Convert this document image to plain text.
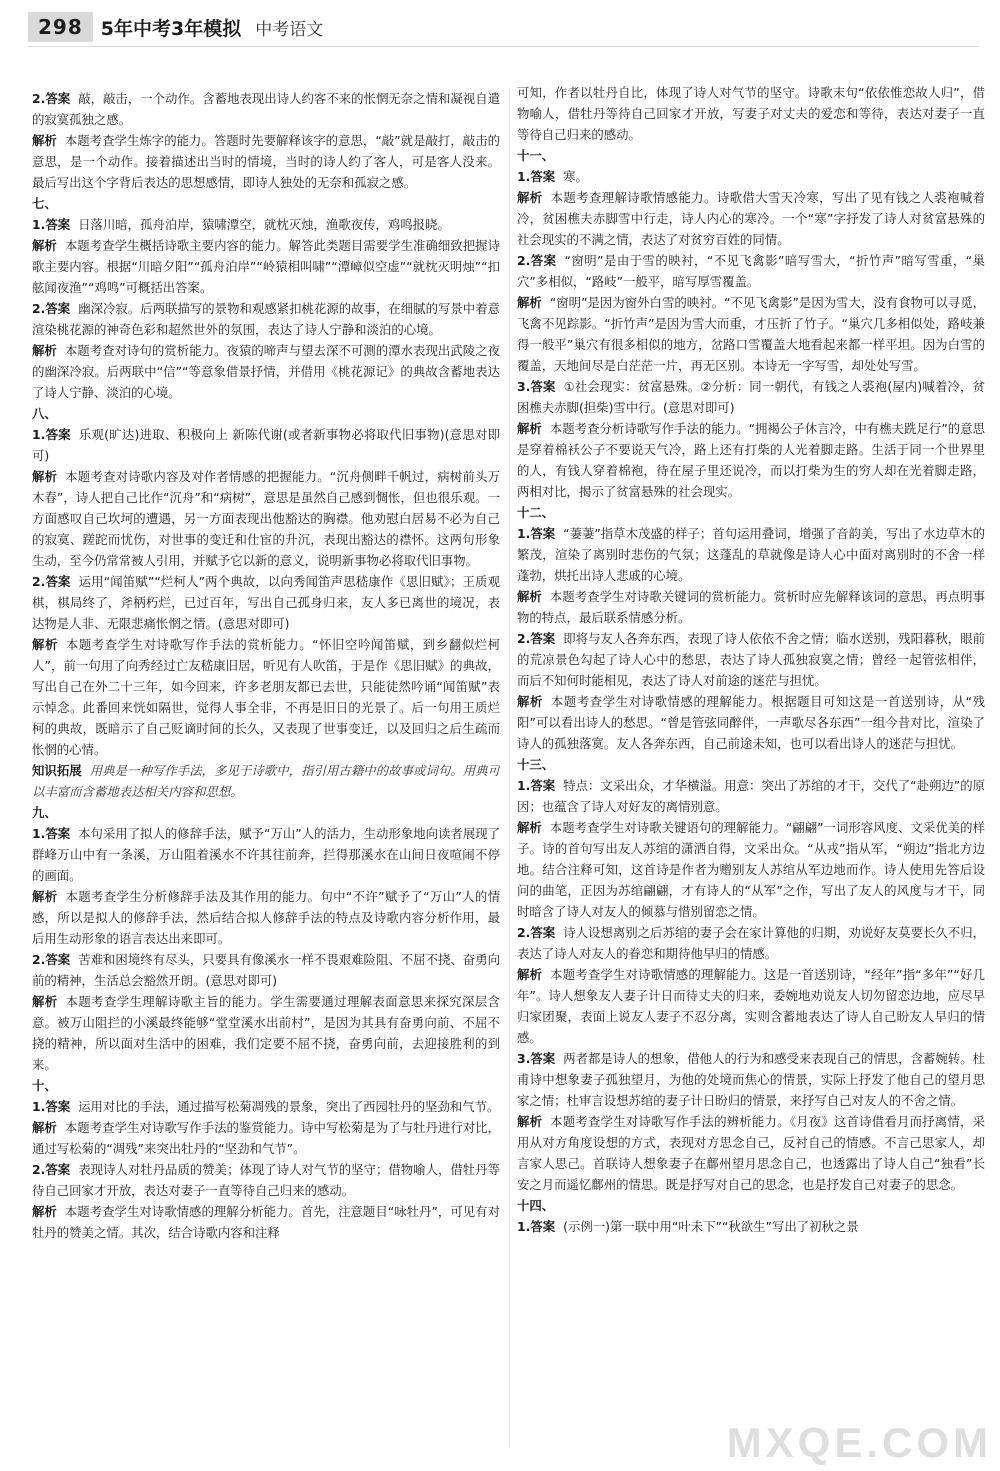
298 5年中考3年模拟 中考语文

2.答案 敲，敲击，一个动作。含蓄地表现出诗人约客不来的怅惘无奈之情和凝视自遣的寂寞孤独之感。

解析 本题考查学生炼字的能力。答题时先要解释该字的意思，“敲”就是敲打，敲击的意思，是一个动作。接着描述出当时的情境，当时的诗人约了客人，可是客人没来。最后写出这个字背后表达的思想感情，即诗人独处的无奈和孤寂之感。

七、

1.答案 日落川暗，孤舟泊岸，猿啸潭空，就枕灭烛，渔歌夜传，鸡鸣报晓。

解析 本题考查学生概括诗歌主要内容的能力。解答此类题目需要学生准确细致把握诗歌主要内容。根据“川暗夕阳”“孤舟泊岸”“岭猿相叫啸”“潭嶂似空虚”“就枕灭明烛”“扣舷闻夜渔”“鸡鸣”可概括出答案。

2.答案 幽深冷寂。后两联描写的景物和观感紧扣桃花源的故事，在细腻的写景中着意渲染桃花源的神奇色彩和超然世外的氛围，表达了诗人宁静和淡泊的心境。

解析 本题考查对诗句的赏析能力。夜猿的啼声与望去深不可测的潭水表现出武陵之夜的幽深冷寂。后两联中“信”“等意象借景抒情，并借用《桃花源记》的典故含蓄地表达了诗人宁静、淡泊的心境。

八、

1.答案 乐观(旷达)进取、积极向上 新陈代谢(或者新事物必将取代旧事物)(意思对即可)

解析 本题考查对诗歌内容及对作者情感的把握能力。“沉舟侧畔千帆过，病树前头万木春”，诗人把自己比作“沉舟”和“病树”，意思是虽然自己感到惆怅，但也很乐观。一方面感叹自己坎坷的遭遇，另一方面表现出他豁达的胸襟。他劝慰白居易不必为自己的寂寞、蹉跎而忧伤，对世事的变迁和仕宦的升沉，表现出豁达的襟怀。这两句形象生动，至今仍常常被人引用，并赋予它以新的意义，说明新事物必将取代旧事物。

2.答案 运用“闻笛赋”“烂柯人”两个典故，以向秀闻笛声思嵇康作《思旧赋》；王质观棋，棋局终了，斧柄朽烂，已过百年，写出自己孤身归来，友人多已离世的境况，表达物是人非、无限悲痛怅惘之情。(意思对即可)

解析 本题考查学生对诗歌写作手法的赏析能力。“怀旧空吟闻笛赋，到乡翻似烂柯人”，前一句用了向秀经过亡友嵇康旧居，听见有人吹笛，于是作《思旧赋》的典故，写出自己在外二十三年，如今回来，许多老朋友都已去世，只能徒然吟诵“闻笛赋”表示悼念。此番回来恍如隔世，觉得人事全非，不再是旧日的光景了。后一句用王质烂柯的典故，既暗示了自己贬谪时间的长久，又表现了世事变迁，以及回归之后生疏而怅惘的心情。

知识拓展 用典是一种写作手法，多见于诗歌中，指引用古籍中的故事或词句。用典可以丰富而含蓄地表达相关内容和思想。

九、

1.答案 本句采用了拟人的修辞手法，赋予“万山”人的活力，生动形象地向读者展现了群峰万山中有一条溪，万山阻着溪水不许其往前奔，拦得那溪水在山间日夜喧闹不停的画面。

解析 本题考查学生分析修辞手法及其作用的能力。句中“不许”赋予了“万山”人的情感，所以是拟人的修辞手法，然后结合拟人修辞手法的特点及诗歌内容分析作用，最后用生动形象的语言表达出来即可。

2.答案 苦难和困境终有尽头，只要具有像溪水一样不畏艰难险阻、不屈不挠、奋勇向前的精神，生活总会豁然开朗。(意思对即可)

解析 本题考查学生理解诗歌主旨的能力。学生需要通过理解表面意思来探究深层含意。被万山阻拦的小溪最终能够“堂堂溪水出前村”，是因为其具有奋勇向前、不屈不挠的精神，所以面对生活中的困难，我们定要不屈不挠，奋勇向前，去迎接胜利的到来。

十、

1.答案 运用对比的手法，通过描写松菊凋残的景象，突出了西园牡丹的坚劲和气节。

解析 本题考查学生对诗歌写作手法的鉴赏能力。诗中写松菊是为了与牡丹进行对比，通过写松菊的“凋残”来突出牡丹的“坚劲和气节”。

2.答案 表现诗人对牡丹品质的赞美；体现了诗人对气节的坚守；借物喻人，借牡丹等待自己回家才开放，表达对妻子一直等待自己归来的感动。

解析 本题考查学生对诗歌情感的理解分析能力。首先，注意题目“咏牡丹”，可见有对牡丹的赞美之情。其次，结合诗歌内容和注释

可知，作者以牡丹自比，体现了诗人对气节的坚守。诗歌末句“依依惟恋故人归”，借物喻人，借牡丹等待自己回家才开放，写妻子对丈夫的爱恋和等待，表达对妻子一直等待自己归来的感动。

十一、

1.答案 寒。

解析 本题考查理解诗歌情感能力。诗歌借大雪天冷寒，写出了见有钱之人裘袍喊着冷，贫困樵夫赤脚雪中行走，诗人内心的寒冷。一个“寒”字抒发了诗人对贫富悬殊的社会现实的不满之情，表达了对贫穷百姓的同情。

2.答案 “窗明”是由于雪的映衬，“不见飞禽影”暗写雪大，“折竹声”暗写雪重，“巢穴”多相似，“路岐”一般平，暗写厚雪覆盖。

解析 “窗明”是因为窗外白雪的映衬。“不见飞禽影”是因为雪大，没有食物可以寻觅，飞禽不见踪影。“折竹声”是因为雪大而重，才压折了竹子。“巢穴几多相似处，路岐兼得一般平”巢穴有很多相似的地方，岔路口雪覆盖大地看起来都一样平坦。因为白雪的覆盖，天地间尽是白茫茫一片，再无区别。本诗无一字写雪，却处处写雪。

3.答案 ①社会现实：贫富悬殊。②分析：同一朝代，有钱之人裘袍(屋内)喊着冷，贫困樵夫赤脚(担柴)雪中行。(意思对即可)

解析 本题考查分析诗歌写作手法的能力。“拥褐公子休言冷，中有樵夫跣足行”的意思是穿着棉袄公子不要说天气冷，路上还有打柴的人光着脚走路。生活于同一个世界里的人，有钱人穿着棉袍，待在屋子里还说冷，而以打柴为生的穷人却在光着脚走路，两相对比，揭示了贫富悬殊的社会现实。

十二、

1.答案 “萋萋”指草木茂盛的样子；首句运用叠词，增强了音韵美，写出了水边草木的繁茂，渲染了离别时悲伤的气氛；这蓬乱的草就像是诗人心中面对离别时的不舍一样蓬勃，烘托出诗人悲戚的心境。

解析 本题考查学生对诗歌关键词的赏析能力。赏析时应先解释该词的意思，再点明事物的特点，最后联系情感分析。

2.答案 即将与友人各奔东西，表现了诗人依依不舍之情；临水送别，残阳暮秋，眼前的荒凉景色勾起了诗人心中的愁思，表达了诗人孤独寂寞之情；曾经一起管弦相伴，而后不知何时能相见，表达了诗人对前途的迷茫与担忧。

解析 本题考查学生对诗歌情感的理解能力。根据题目可知这是一首送别诗，从“残阳”可以看出诗人的愁思。“曾是管弦同醉伴，一声歌尽各东西”一组今昔对比，渲染了诗人的孤独落寞。友人各奔东西，自己前途未知，也可以看出诗人的迷茫与担忧。

十三、

1.答案 特点：文采出众，才华横溢。用意：突出了苏绾的才干，交代了“赴朔边”的原因；也蕴含了诗人对好友的离情别意。

解析 本题考查学生对诗歌关键语句的理解能力。“翩翩”一词形容风度、文采优美的样子。诗的首句写出友人苏绾的潇洒自得，文采出众。“从戎”指从军，“朔边”指北方边地。结合注释可知，这首诗是作者为赠别友人苏绾从军边地而作。诗人使用先答后设问的曲笔，正因为苏绾翩翩，才有诗人的“从军”之作，写出了友人的风度与才干，同时暗含了诗人对友人的倾慕与惜别留恋之情。

2.答案 诗人设想离别之后苏绾的妻子会在家计算他的归期，劝说好友莫要长久不归，表达了诗人对友人的眷恋和期待他早归的情感。

解析 本题考查学生对诗歌情感的理解能力。这是一首送别诗，“经年”指“多年”“好几年”。诗人想象友人妻子计日而待丈夫的归来，委婉地劝说友人切勿留恋边地，应尽早归家团聚，表面上说友人妻子不忍分离，实则含蓄地表达了诗人自己盼友人早归的情感。

3.答案 两者都是诗人的想象，借他人的行为和感受来表现自己的情思，含蓄婉转。杜甫诗中想象妻子孤独望月，为他的处境而焦心的情景，实际上抒发了他自己的望月思家之情；杜审言设想苏绾的妻子计日盼归的情景，来抒写自己对友人的不舍之情。

解析 本题考查学生对诗歌写作手法的辨析能力。《月夜》这首诗借看月而抒离情，采用从对方角度设想的方式，表现对方思念自己，反衬自己的情感。不言己思家人，却言家人思己。首联诗人想象妻子在鄜州望月思念自己，也透露出了诗人自己“独看”长安之月而遥忆鄜州的情思。既是抒写对自己的思念，也是抒发自己对妻子的思念。

十四、

1.答案 (示例一)第一联中用“叶未下”“秋欲生”写出了初秋之景

MXQE.COM
